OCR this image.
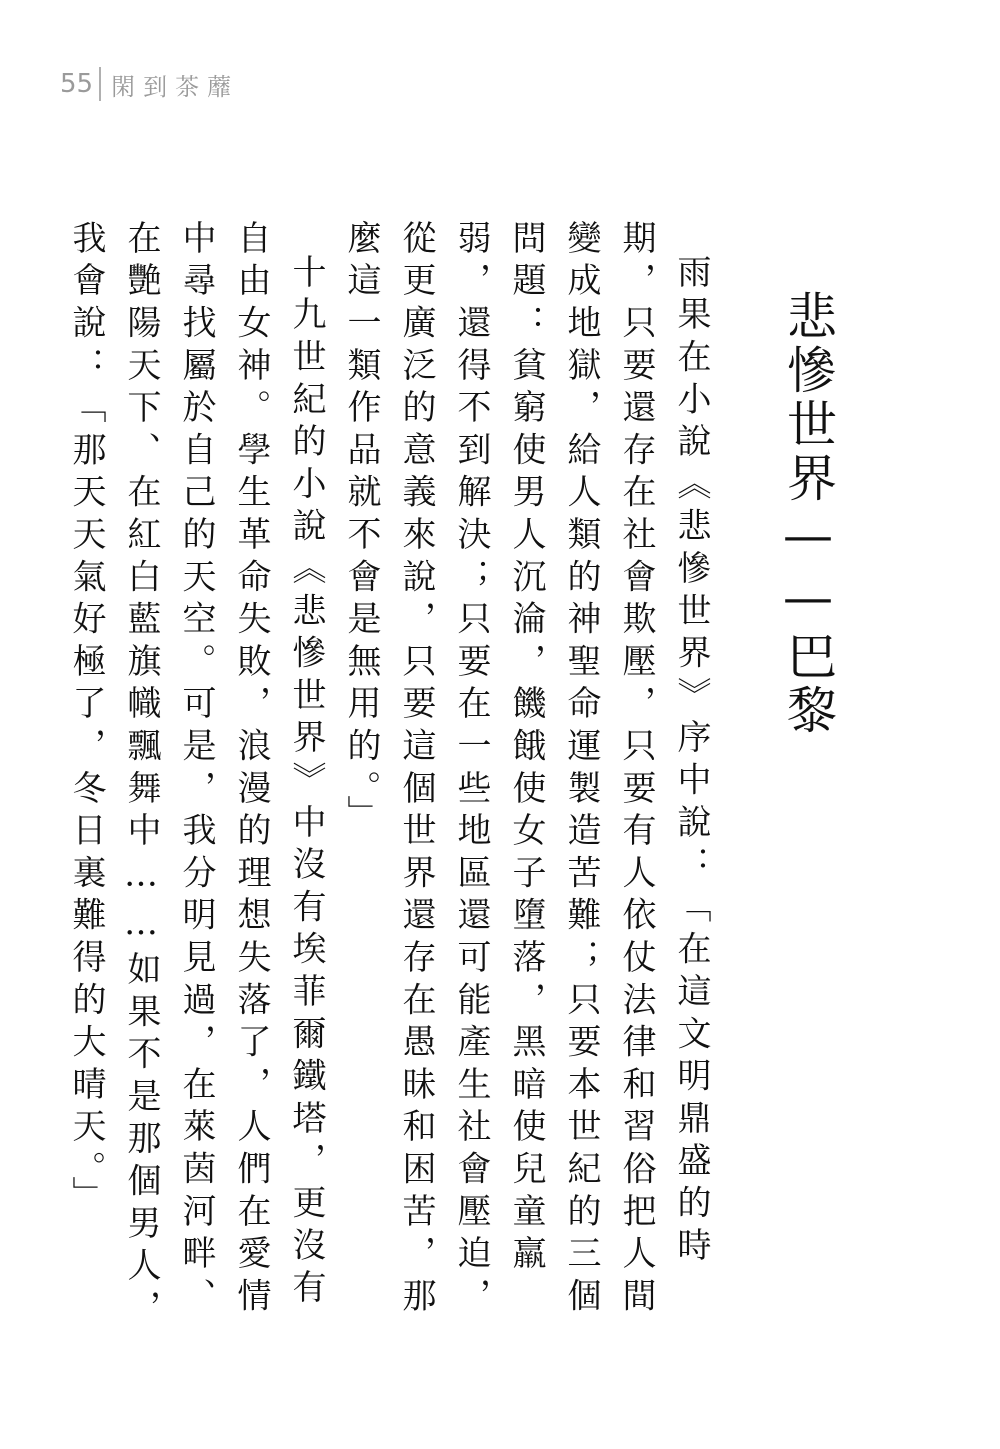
55 閑到茶蘼
悲慘世界——巴黎

雨果在小說《悲慘世界》序中說：「在這文明鼎盛的時期，只要還存在社會欺壓，只要有人依仗法律和習俗把人間變成地獄，給人類的神聖命運製造苦難；只要本世紀的三個問題：貧窮使男人沉淪，饑餓使女子墮落，黑暗使兒童羸弱，還得不到解決；只要在一些地區還可能產生社會壓迫，從更廣泛的意義來說，只要這個世界還存在愚昧和困苦，那麼這一類作品就不會是無用的。」

十九世紀的小說《悲慘世界》中沒有埃菲爾鐵塔，更沒有自由女神。學生革命失敗，浪漫的理想失落了，人們在愛情中尋找屬於自己的天空。可是，我分明見過，在萊茵河畔、在艷陽天下、在紅白藍旗幟飄舞中……如果不是那個男人，我會說：「那天天氣好極了，冬日裏難得的大晴天。」
